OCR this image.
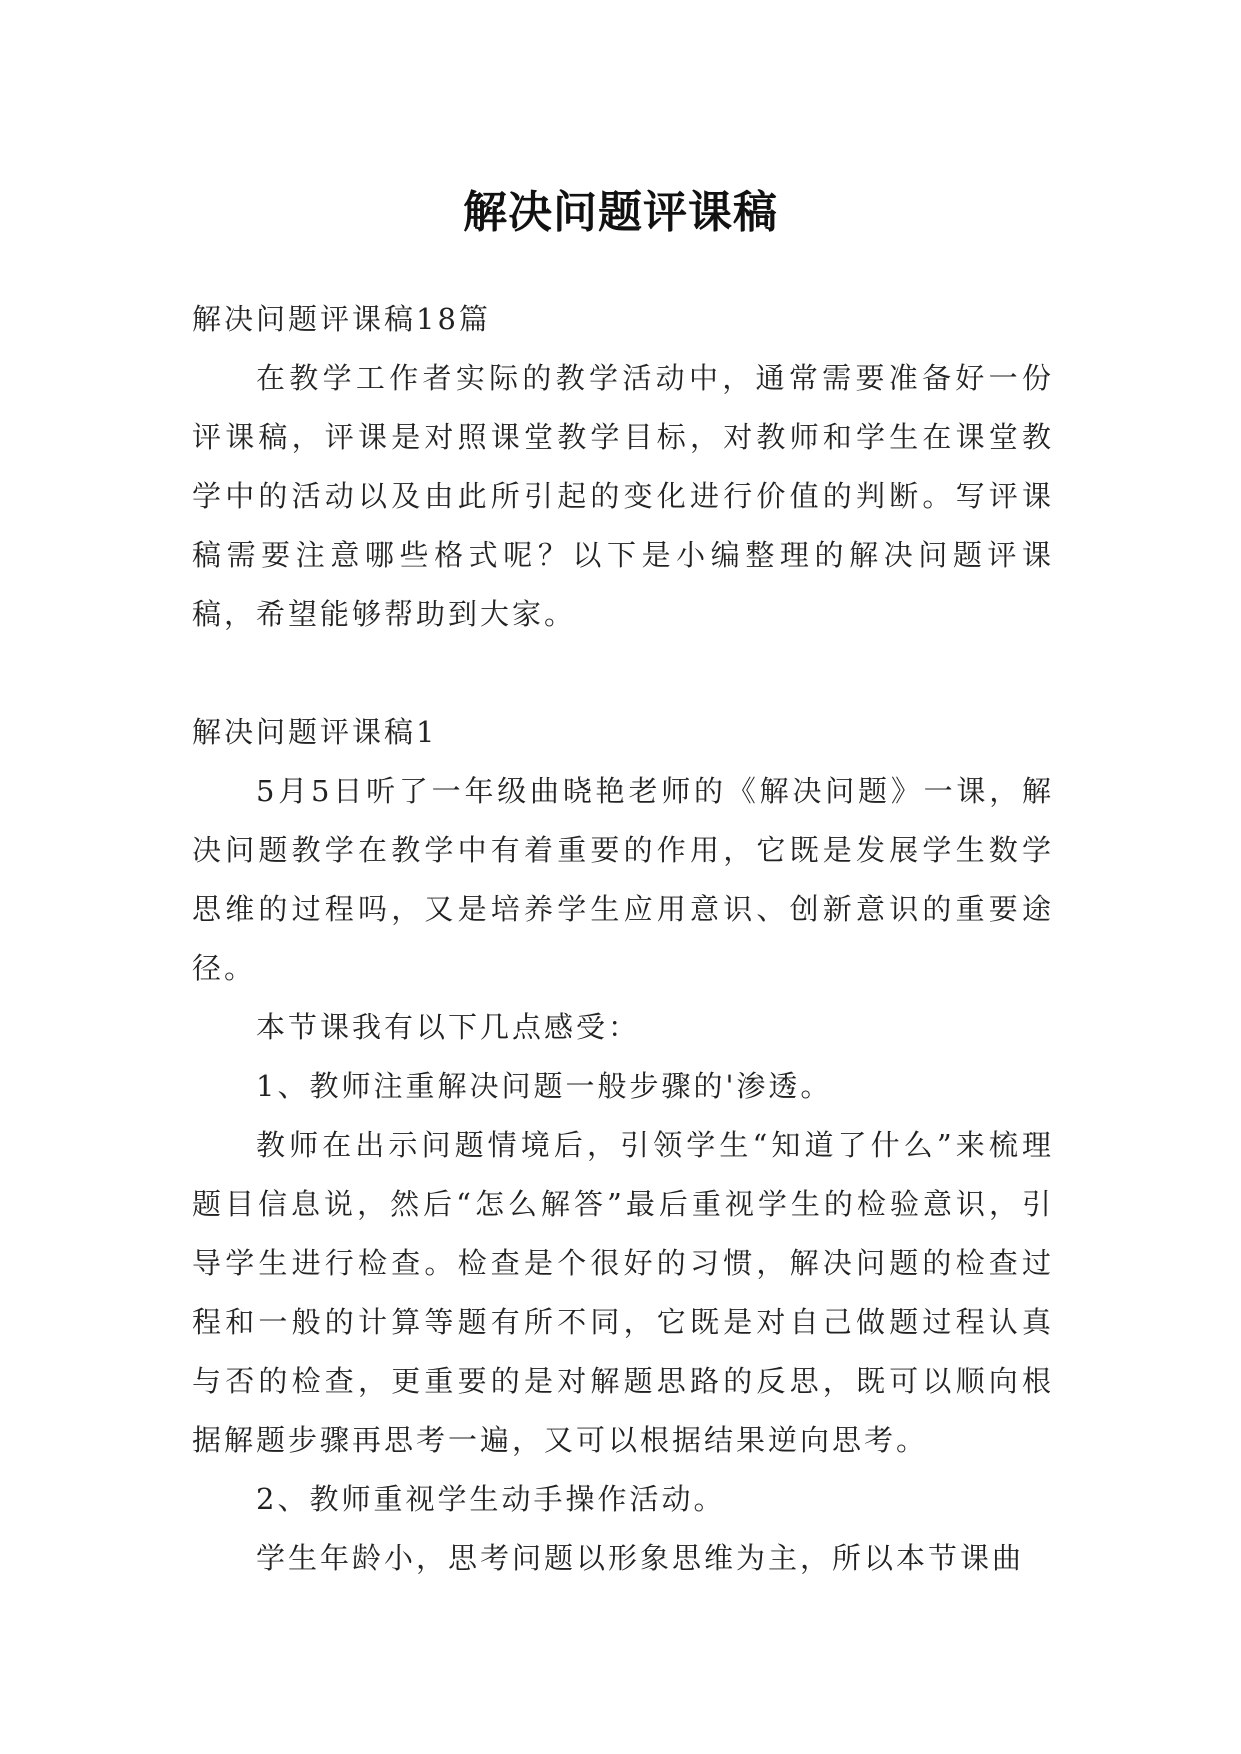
解决问题评课稿

解决问题评课稿18篇

在教学工作者实际的教学活动中，通常需要准备好一份评课稿，评课是对照课堂教学目标，对教师和学生在课堂教学中的活动以及由此所引起的变化进行价值的判断。写评课稿需要注意哪些格式呢？以下是小编整理的解决问题评课稿，希望能够帮助到大家。

解决问题评课稿1

5月5日听了一年级曲晓艳老师的《解决问题》一课，解决问题教学在教学中有着重要的作用，它既是发展学生数学思维的过程吗，又是培养学生应用意识、创新意识的重要途径。

本节课我有以下几点感受：

1、教师注重解决问题一般步骤的'渗透。

教师在出示问题情境后，引领学生“知道了什么”来梳理题目信息说，然后“怎么解答”最后重视学生的检验意识，引导学生进行检查。检查是个很好的习惯，解决问题的检查过程和一般的计算等题有所不同，它既是对自己做题过程认真与否的检查，更重要的是对解题思路的反思，既可以顺向根据解题步骤再思考一遍，又可以根据结果逆向思考。

2、教师重视学生动手操作活动。

学生年龄小，思考问题以形象思维为主，所以本节课曲
